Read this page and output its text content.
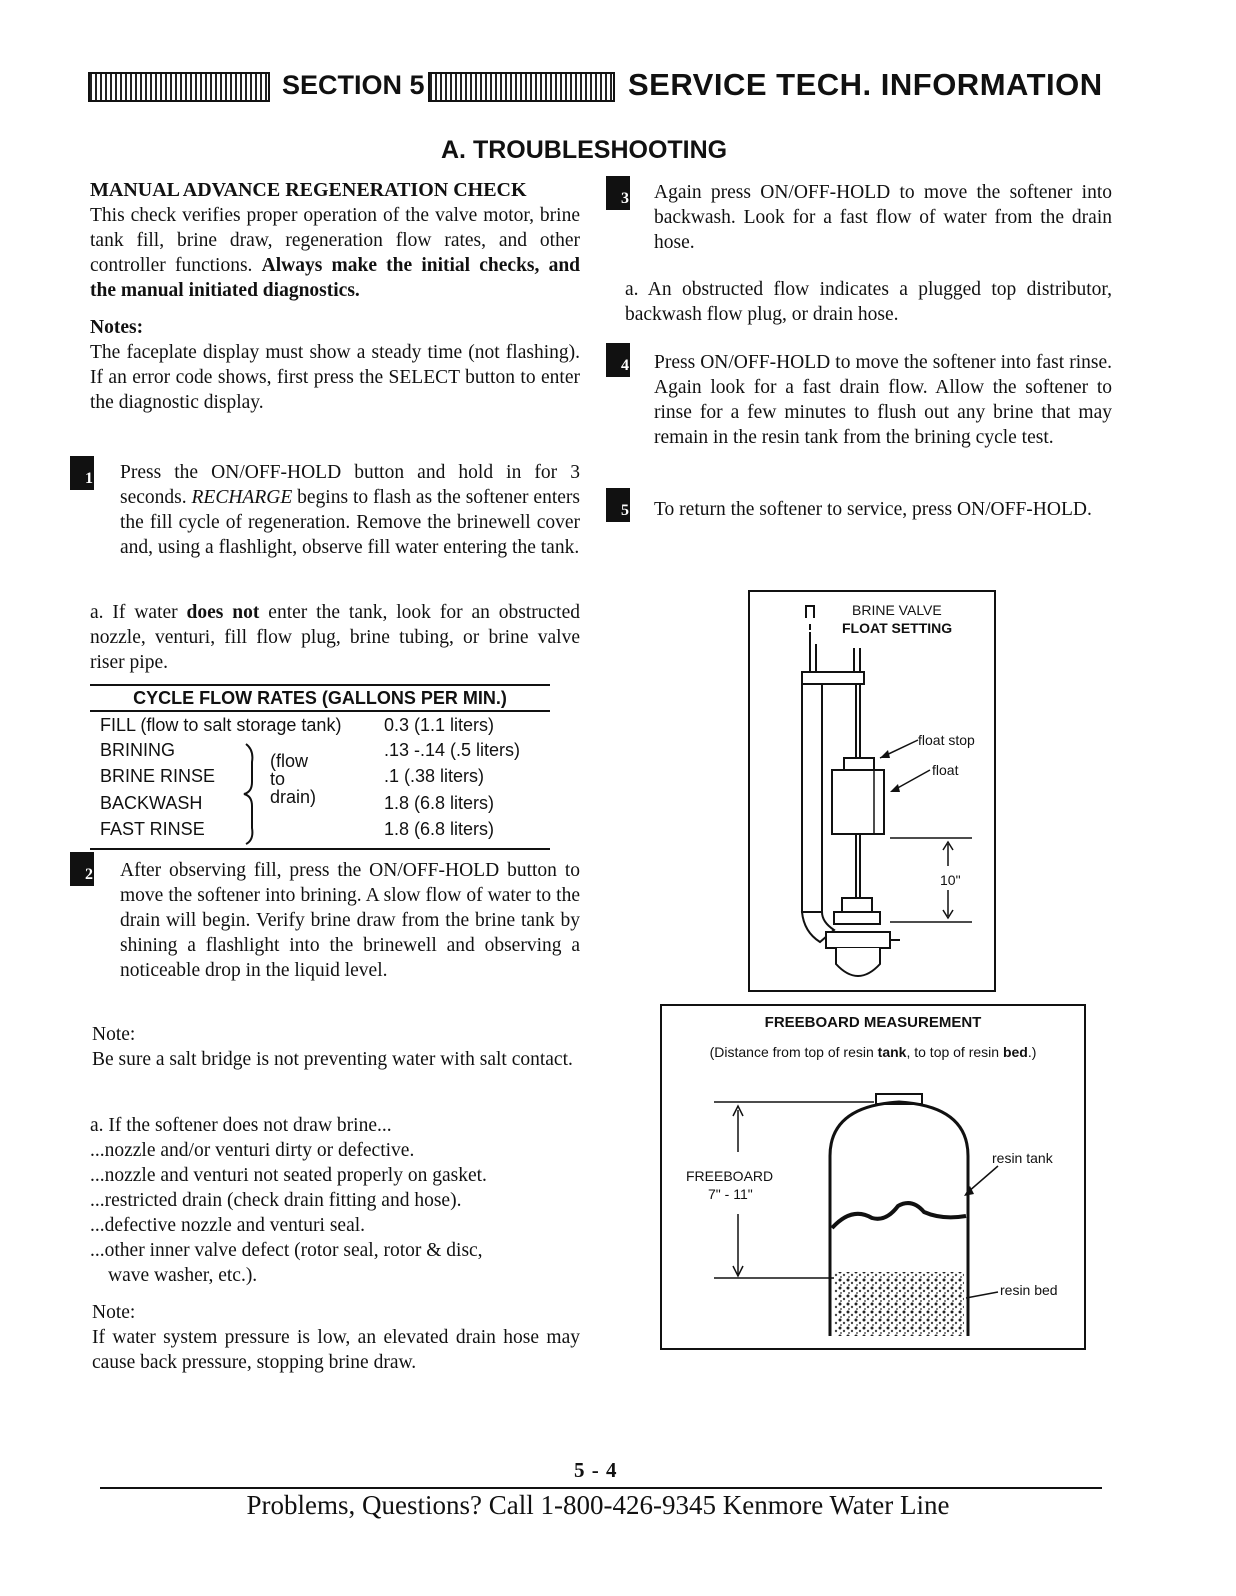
SECTION 5	SERVICE TECH. INFORMATION
A. TROUBLESHOOTING
MANUAL ADVANCE REGENERATION CHECK
This check verifies proper operation of the valve motor, brine tank fill, brine draw, regeneration flow rates, and other controller functions. Always make the initial checks, and the manual initiated diagnostics.
Notes:
The faceplate display must show a steady time (not flashing). If an error code shows, first press the SELECT button to enter the diagnostic display.
1 Press the ON/OFF-HOLD button and hold in for 3 seconds. RECHARGE begins to flash as the softener enters the fill cycle of regeneration. Remove the brinewell cover and, using a flashlight, observe fill water entering the tank.
a. If water does not enter the tank, look for an obstructed nozzle, venturi, fill flow plug, brine tubing, or brine valve riser pipe.
CYCLE FLOW RATES (GALLONS PER MIN.)
FILL (flow to salt storage tank) 0.3 (1.1 liters)
BRINING	.13 -.14 (.5 liters)
BRINE RINSE	.1 (.38 liters)
BACKWASH	1.8 (6.8 liters)
FAST RINSE	1.8 (6.8 liters)
(flow
to
drain)
2 After observing fill, press the ON/OFF-HOLD button to move the softener into brining. A slow flow of water to the drain will begin. Verify brine draw from the brine tank by shining a flashlight into the brinewell and observing a noticeable drop in the liquid level.
Note:
Be sure a salt bridge is not preventing water with salt contact.
a. If the softener does not draw brine...
...nozzle and/or venturi dirty or defective.
...nozzle and venturi not seated properly on gasket.
...restricted drain (check drain fitting and hose).
...defective nozzle and venturi seal.
...other inner valve defect (rotor seal, rotor & disc,
wave washer, etc.).
Note:
If water system pressure is low, an elevated drain hose may cause back pressure, stopping brine draw.
3 Again press ON/OFF-HOLD to move the softener into backwash. Look for a fast flow of water from the drain hose.
a. An obstructed flow indicates a plugged top distributor, backwash flow plug, or drain hose.
4 Press ON/OFF-HOLD to move the softener into fast rinse. Again look for a fast drain flow. Allow the softener to rinse for a few minutes to flush out any brine that may remain in the resin tank from the brining cycle test.
5 To return the softener to service, press ON/OFF-HOLD.
BRINE VALVE
FLOAT SETTING
float stop
float
10"
FREEBOARD MEASUREMENT
(Distance from top of resin tank, to top of resin bed.)
FREEBOARD
7" - 11"
resin tank
resin bed
5 - 4
Problems, Questions? Call 1-800-426-9345 Kenmore Water Line
